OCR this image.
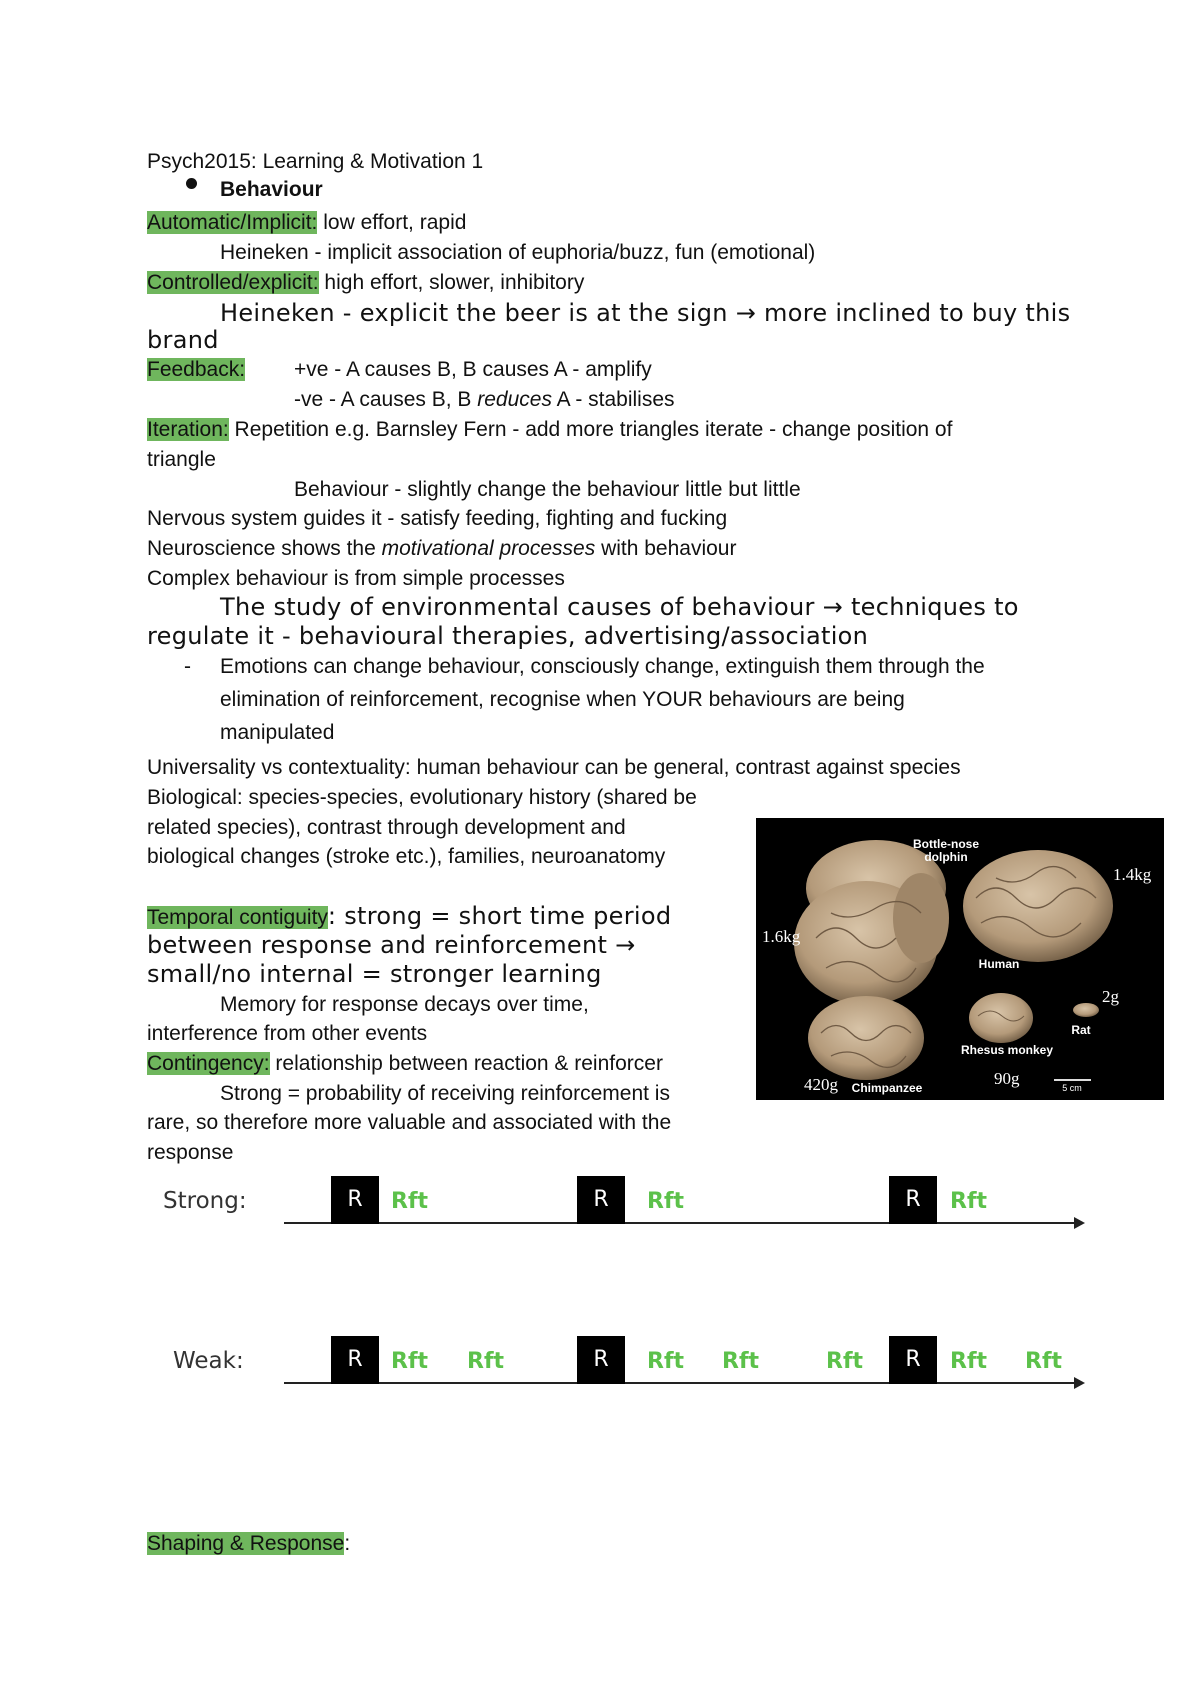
Psych2015: Learning & Motivation 1
Behaviour
Automatic/Implicit: low effort, rapid
Heineken - implicit association of euphoria/buzz, fun (emotional)
Controlled/explicit: high effort, slower, inhibitory
Heineken - explicit the beer is at the sign → more inclined to buy this
brand
Feedback: +ve - A causes B, B causes A - amplify
-ve - A causes B, B reduces A - stabilises
Iteration: Repetition e.g. Barnsley Fern - add more triangles iterate - change position of
triangle
Behaviour - slightly change the behaviour little but little
Nervous system guides it - satisfy feeding, fighting and fucking
Neuroscience shows the motivational processes with behaviour
Complex behaviour is from simple processes
The study of environmental causes of behaviour → techniques to
regulate it - behavioural therapies, advertising/association
- Emotions can change behaviour, consciously change, extinguish them through the
elimination of reinforcement, recognise when YOUR behaviours are being
manipulated
Universality vs contextuality: human behaviour can be general, contrast against species
Biological: species-species, evolutionary history (shared be
related species), contrast through development and
biological changes (stroke etc.), families, neuroanatomy
Temporal contiguity: strong = short time period
between response and reinforcement →
small/no internal = stronger learning
Memory for response decays over time,
interference from other events
Contingency: relationship between reaction & reinforcer
Strong = probability of receiving reinforcement is
rare, so therefore more valuable and associated with the
response
Bottle-nose dolphin
Human
Rat
Rhesus monkey
Chimpanzee
1.6kg
1.4kg
2g
420g	90g	5 cm
Strong:	R	Rft	R	Rft	R	Rft
Weak:	R	Rft Rft	R	Rft Rft	Rft	R	Rft Rft
Shaping & Response:
